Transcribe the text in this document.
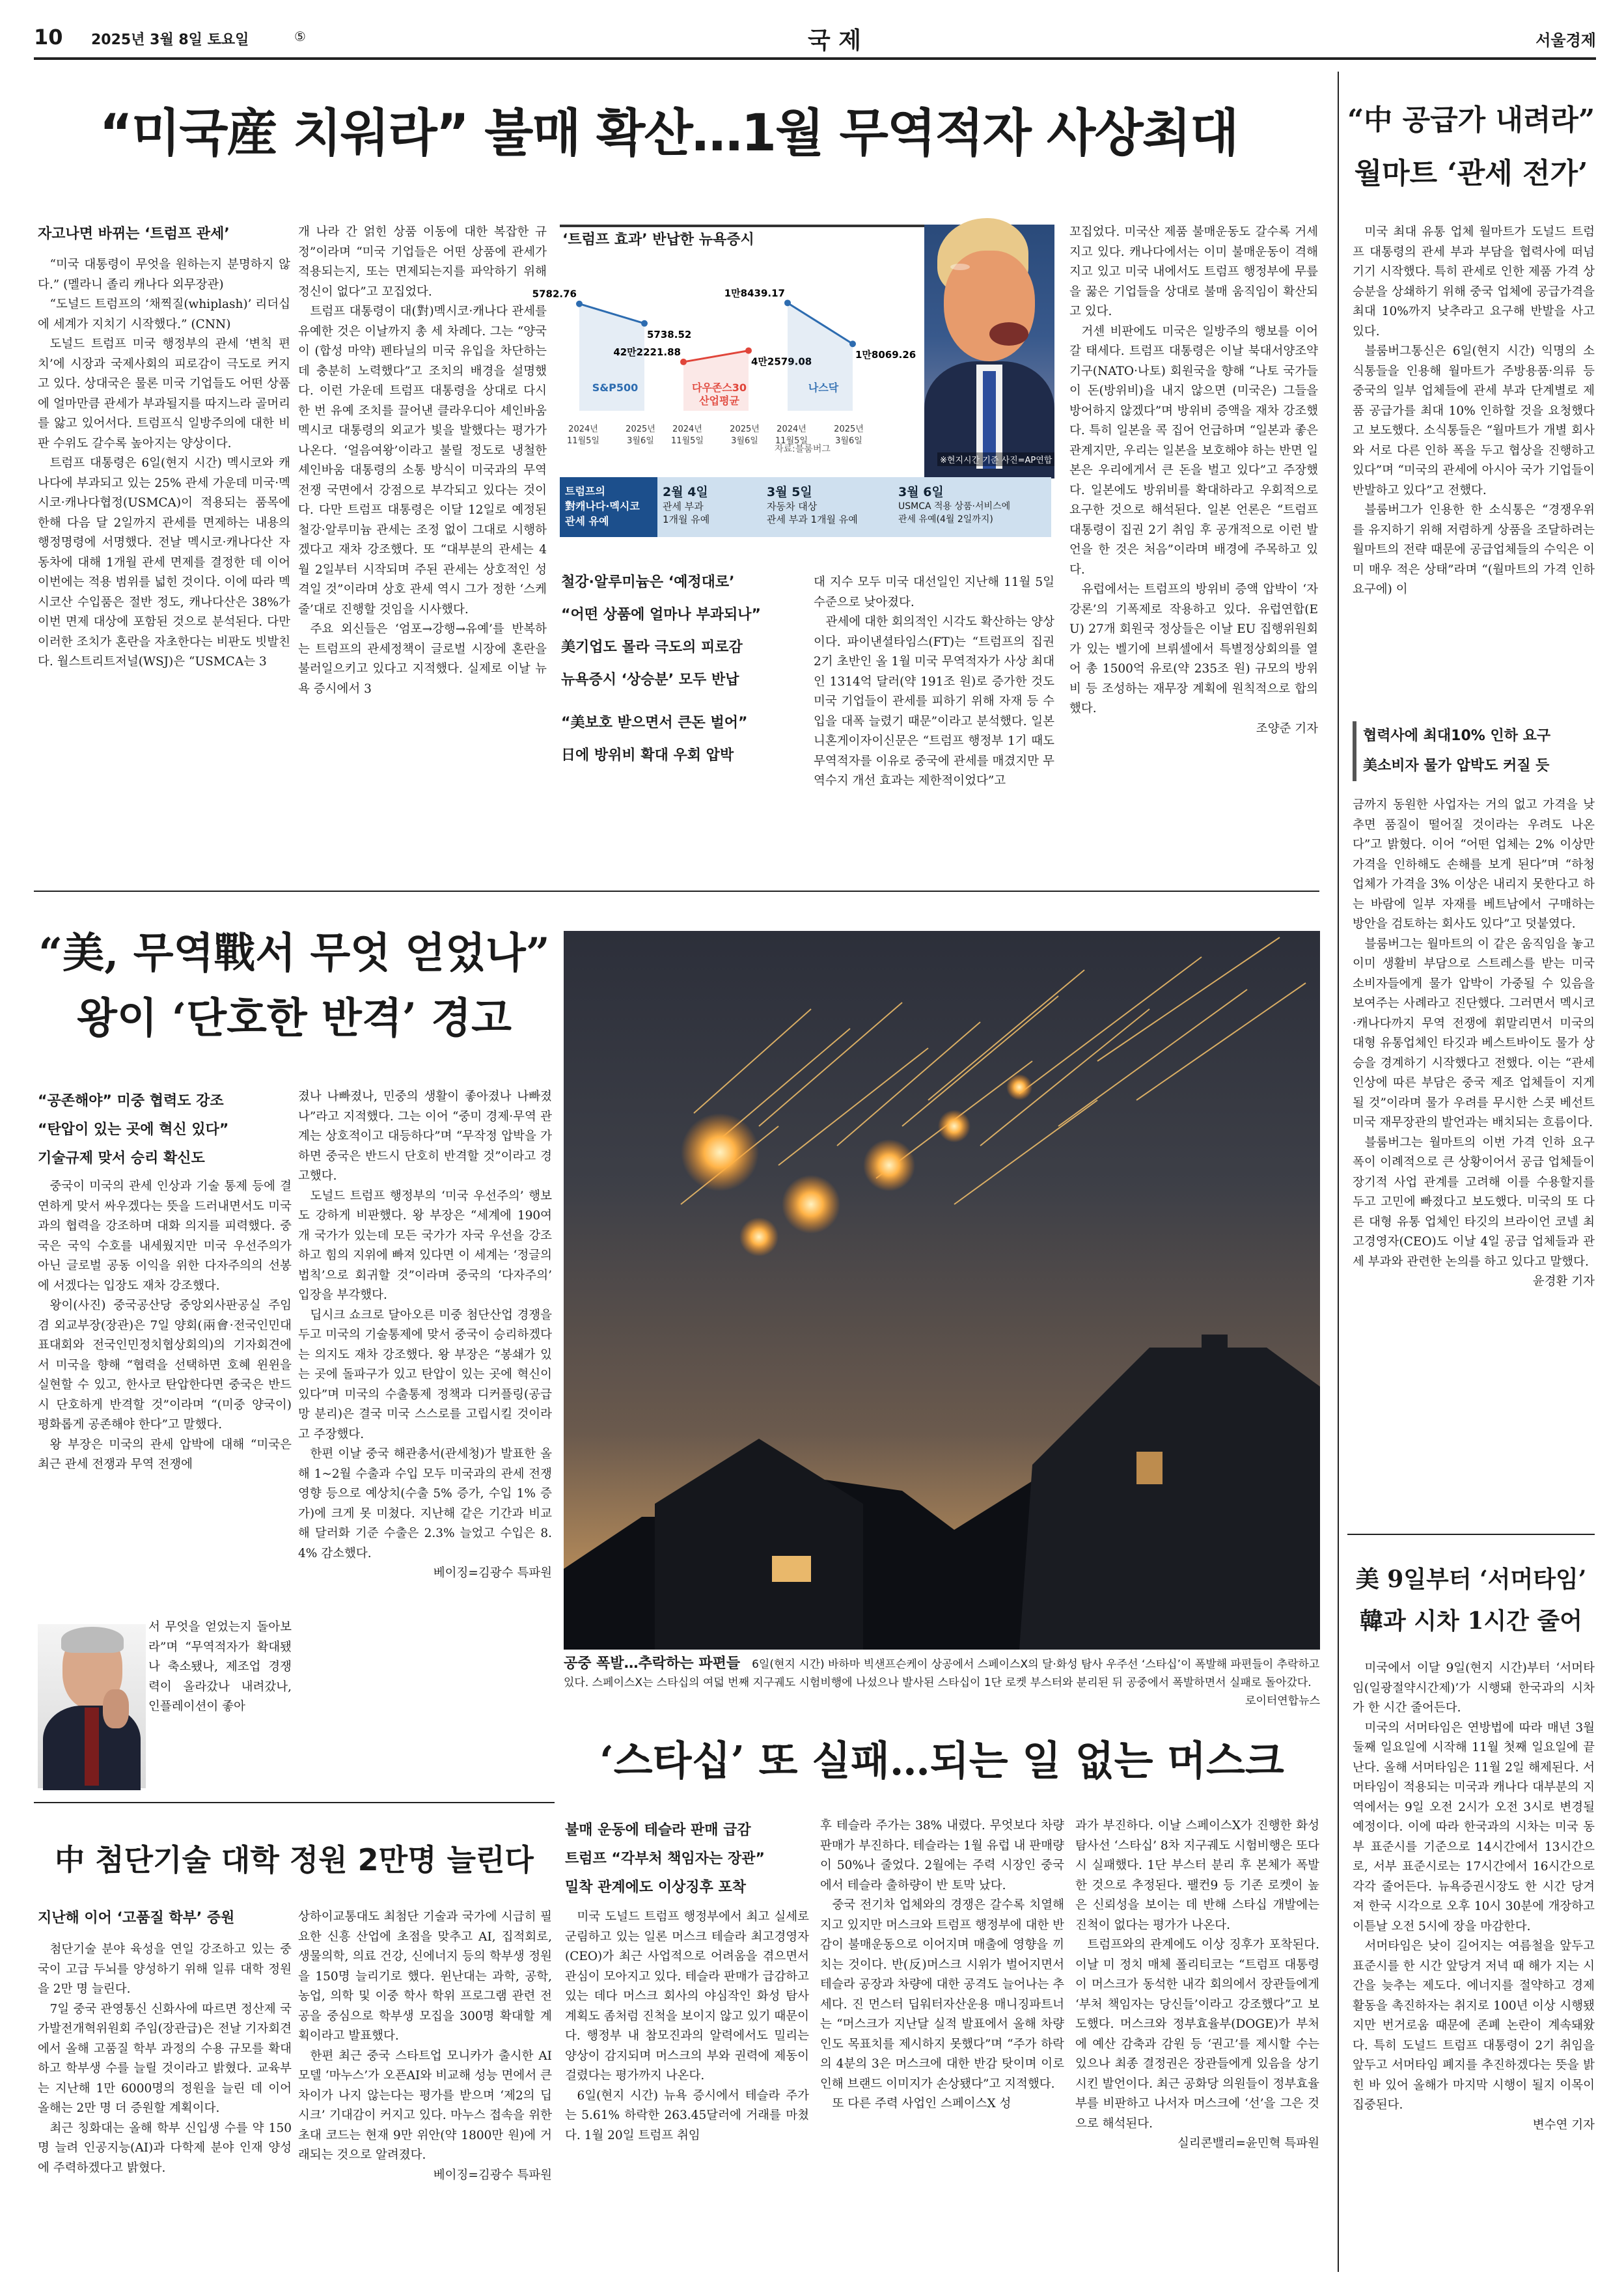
10 2025년 3월 8일 토요일	⑤	국 제	서울경제
“미국産 치워라” 불매 확산…1월 무역적자 사상최대
자고나면 바뀌는 ‘트럼프 관세’

“미국 대통령이 무엇을 원하는지 분명하지 않다.” (멜라니 졸리 캐나다 외무장관)

“도널드 트럼프의 ‘채찍질(whiplash)’ 리더십에 세계가 지치기 시작했다.” (CNN)

도널드 트럼프 미국 행정부의 관세 ‘변칙 편치’에 시장과 국제사회의 피로감이 극도로 커지고 있다. 상대국은 물론 미국 기업들도 어떤 상품에 얼마만큼 관세가 부과될지를 따지느라 골머리를 앓고 있어서다. 트럼프식 일방주의에 대한 비판 수위도 갈수록 높아지는 양상이다.

트럼프 대통령은 6일(현지 시간) 멕시코와 캐나다에 부과되고 있는 25% 관세 가운데 미국·멕시코·캐나다협정(USMCA)이 적용되는 품목에 한해 다음 달 2일까지 관세를 면제하는 내용의 행정명령에 서명했다. 전날 멕시코·캐나다산 자동차에 대해 1개월 관세 면제를 결정한 데 이어 이번에는 적용 범위를 넓힌 것이다. 이에 따라 멕시코산 수입품은 절반 정도, 캐나다산은 38%가 이번 면제 대상에 포함된 것으로 분석된다. 다만 이러한 조치가 혼란을 자초한다는 비판도 빗발친다. 월스트리트저널(WSJ)은 “USMCA는 3

개 나라 간 얽힌 상품 이동에 대한 복잡한 규정”이라며 “미국 기업들은 어떤 상품에 관세가 적용되는지, 또는 면제되는지를 파악하기 위해 정신이 없다”고 꼬집었다.

트럼프 대통령이 대(對)멕시코·캐나다 관세를 유예한 것은 이날까지 총 세 차례다. 그는 “양국이 (합성 마약) 펜타닐의 미국 유입을 차단하는 데 충분히 노력했다”고 조치의 배경을 설명했다. 이런 가운데 트럼프 대통령을 상대로 다시 한 번 유예 조치를 끌어낸 클라우디아 셰인바움 멕시코 대통령의 외교가 빛을 발했다는 평가가 나온다. ‘얼음여왕’이라고 불릴 정도로 냉철한 셰인바움 대통령의 소통 방식이 미국과의 무역 전쟁 국면에서 강점으로 부각되고 있다는 것이다. 다만 트럼프 대통령은 이달 12일로 예정된 철강·알루미늄 관세는 조정 없이 그대로 시행하겠다고 재차 강조했다. 또 “대부분의 관세는 4월 2일부터 시작되며 주된 관세는 상호적인 성격일 것”이라며 상호 관세 역시 그가 정한 ‘스케줄’대로 진행할 것임을 시사했다.

주요 외신들은 ‘엄포→강행→유예’를 반복하는 트럼프의 관세정책이 글로벌 시장에 혼란을 불러일으키고 있다고 지적했다. 실제로 이날 뉴욕 증시에서 3

‘트럼프 효과’ 반납한 뉴욕증시
5782.76
5738.52
S&P500
2024년
11월5일
2025년
3월6일
42만2221.88
4만2579.08
다우존스30
산업평균
2024년
11월5일
2025년
3월6일
1만8439.17
1만8069.26
나스닥
2024년
11월5일
2025년
3월6일
※현지시간 기준 사진=AP연합
자료:블룸버그
트럼프의
對캐나다·멕시코
관세 유예
2월 4일
관세 부과
1개월 유예
3월 5일
자동차 대상
관세 부과 1개월 유예
3월 6일
USMCA 적용 상품·서비스에
관세 유예(4월 2일까지)
철강·알루미늄은 ‘예정대로’
“어떤 상품에 얼마나 부과되나”
美기업도 몰라 극도의 피로감
뉴욕증시 ‘상승분’ 모두 반납
“美보호 받으면서 큰돈 벌어”
日에 방위비 확대 우회 압박

대 지수 모두 미국 대선일인 지난해 11월 5일 수준으로 낮아졌다.

관세에 대한 회의적인 시각도 확산하는 양상이다. 파이낸셜타임스(FT)는 “트럼프의 집권 2기 초반인 올 1월 미국 무역적자가 사상 최대인 1314억 달러(약 191조 원)로 증가한 것도 미국 기업들이 관세를 피하기 위해 자재 등 수입을 대폭 늘렸기 때문”이라고 분석했다. 일본 니혼게이자이신문은 “트럼프 행정부 1기 때도 무역적자를 이유로 중국에 관세를 매겼지만 무역수지 개선 효과는 제한적이었다”고

꼬집었다. 미국산 제품 불매운동도 갈수록 거세지고 있다. 캐나다에서는 이미 불매운동이 격해지고 있고 미국 내에서도 트럼프 행정부에 무릎을 꿇은 기업들을 상대로 불매 움직임이 확산되고 있다.

거센 비판에도 미국은 일방주의 행보를 이어갈 태세다. 트럼프 대통령은 이날 북대서양조약기구(NATO·나토) 회원국을 향해 “나토 국가들이 돈(방위비)을 내지 않으면 (미국은) 그들을 방어하지 않겠다”며 방위비 증액을 재차 강조했다. 특히 일본을 콕 집어 언급하며 “일본과 좋은 관계지만, 우리는 일본을 보호해야 하는 반면 일본은 우리에게서 큰 돈을 벌고 있다”고 주장했다. 일본에도 방위비를 확대하라고 우회적으로 요구한 것으로 해석된다. 일본 언론은 “트럼프 대통령이 집권 2기 취임 후 공개적으로 이런 발언을 한 것은 처음”이라며 배경에 주목하고 있다.

유럽에서는 트럼프의 방위비 증액 압박이 ‘자강론’의 기폭제로 작용하고 있다. 유럽연합(EU) 27개 회원국 정상들은 이날 EU 집행위원회가 있는 벨기에 브뤼셀에서 특별정상회의를 열어 총 1500억 유로(약 235조 원) 규모의 방위비 등 조성하는 재무장 계획에 원칙적으로 합의했다.

조양준 기자
“美, 무역戰서 무엇 얻었나”
왕이 ‘단호한 반격’ 경고
“공존해야” 미중 협력도 강조
“탄압이 있는 곳에 혁신 있다”
기술규제 맞서 승리 확신도

중국이 미국의 관세 인상과 기술 통제 등에 결연하게 맞서 싸우겠다는 뜻을 드러내면서도 미국과의 협력을 강조하며 대화 의지를 피력했다. 중국은 국익 수호를 내세웠지만 미국 우선주의가 아닌 글로벌 공동 이익을 위한 다자주의의 선봉에 서겠다는 입장도 재차 강조했다.

왕이(사진) 중국공산당 중앙외사판공실 주임 겸 외교부장(장관)은 7일 양회(兩會·전국인민대표대회와 전국인민정치협상회의)의 기자회견에서 미국을 향해 “협력을 선택하면 호혜 윈윈을 실현할 수 있고, 한사코 탄압한다면 중국은 반드시 단호하게 반격할 것”이라며 “(미중 양국이) 평화롭게 공존해야 한다”고 말했다.

왕 부장은 미국의 관세 압박에 대해 “미국은 최근 관세 전쟁과 무역 전쟁에

서 무엇을 얻었는지 돌아보라”며 “무역적자가 확대됐나 축소됐나, 제조업 경쟁력이 올라갔나 내려갔나, 인플레이션이 좋아

졌나 나빠졌나, 민중의 생활이 좋아졌나 나빠졌나”라고 지적했다. 그는 이어 “중미 경제·무역 관계는 상호적이고 대등하다”며 “무작정 압박을 가하면 중국은 반드시 단호히 반격할 것”이라고 경고했다.

도널드 트럼프 행정부의 ‘미국 우선주의’ 행보도 강하게 비판했다. 왕 부장은 “세계에 190여 개 국가가 있는데 모든 국가가 자국 우선을 강조하고 힘의 지위에 빠져 있다면 이 세계는 ‘정글의 법칙’으로 회귀할 것”이라며 중국의 ‘다자주의’ 입장을 부각했다.

딥시크 쇼크로 달아오른 미중 첨단산업 경쟁을 두고 미국의 기술통제에 맞서 중국이 승리하겠다는 의지도 재차 강조했다. 왕 부장은 “봉쇄가 있는 곳에 돌파구가 있고 탄압이 있는 곳에 혁신이 있다”며 미국의 수출통제 정책과 디커플링(공급망 분리)은 결국 미국 스스로를 고립시킬 것이라고 주장했다.

한편 이날 중국 해관총서(관세청)가 발표한 올해 1~2월 수출과 수입 모두 미국과의 관세 전쟁 영향 등으로 예상치(수출 5% 증가, 수입 1% 증가)에 크게 못 미쳤다. 지난해 같은 기간과 비교해 달러화 기준 수출은 2.3% 늘었고 수입은 8.4% 감소했다.

베이징=김광수 특파원
中 첨단기술 대학 정원 2만명 늘린다
지난해 이어 ‘고품질 학부’ 증원

첨단기술 분야 육성을 연일 강조하고 있는 중국이 고급 두뇌를 양성하기 위해 일류 대학 정원을 2만 명 늘린다.

7일 중국 관영통신 신화사에 따르면 정산제 국가발전개혁위원회 주임(장관급)은 전날 기자회견에서 올해 고품질 학부 과정의 수용 규모를 확대하고 학부생 수를 늘릴 것이라고 밝혔다. 교육부는 지난해 1만 6000명의 정원을 늘린 데 이어 올해는 2만 명 더 증원할 계획이다.

최근 칭화대는 올해 학부 신입생 수를 약 150명 늘려 인공지능(AI)과 다학제 분야 인재 양성에 주력하겠다고 밝혔다.

상하이교통대도 최첨단 기술과 국가에 시급히 필요한 신흥 산업에 초점을 맞추고 AI, 집적회로, 생물의학, 의료 건강, 신에너지 등의 학부생 정원을 150명 늘리기로 했다. 윈난대는 과학, 공학, 농업, 의학 및 이중 학사 학위 프로그램 관련 전공을 중심으로 학부생 모집을 300명 확대할 계획이라고 발표했다.

한편 최근 중국 스타트업 모니카가 출시한 AI 모델 ‘마누스’가 오픈AI와 비교해 성능 면에서 큰 차이가 나지 않는다는 평가를 받으며 ‘제2의 딥시크’ 기대감이 커지고 있다. 마누스 접속을 위한 초대 코드는 현재 9만 위안(약 1800만 원)에 거래되는 것으로 알려졌다.

베이징=김광수 특파원
공중 폭발…추락하는 파편들 6일(현지 시간) 바하마 빅샌프슨케이 상공에서 스페이스X의 달·화성 탐사 우주선 ‘스타십’이 폭발해 파편들이 추락하고 있다. 스페이스X는 스타십의 여덟 번째 지구궤도 시험비행에 나섰으나 발사된 스타십이 1단 로켓 부스터와 분리된 뒤 공중에서 폭발하면서 실패로 돌아갔다.
로이터연합뉴스
‘스타십’ 또 실패…되는 일 없는 머스크
불매 운동에 테슬라 판매 급감
트럼프 “각부처 책임자는 장관”
밀착 관계에도 이상징후 포착

미국 도널드 트럼프 행정부에서 최고 실세로 군림하고 있는 일론 머스크 테슬라 최고경영자(CEO)가 최근 사업적으로 어려움을 겪으면서 관심이 모아지고 있다. 테슬라 판매가 급감하고 있는 데다 머스크 회사의 야심작인 화성 탐사 계획도 좀처럼 진척을 보이지 않고 있기 때문이다. 행정부 내 참모진과의 알력에서도 밀리는 양상이 감지되며 머스크의 부와 권력에 제동이 걸렸다는 평가까지 나온다.

6일(현지 시간) 뉴욕 증시에서 테슬라 주가는 5.61% 하락한 263.45달러에 거래를 마쳤다. 1월 20일 트럼프 취임

후 테슬라 주가는 38% 내렸다. 무엇보다 차량 판매가 부진하다. 테슬라는 1월 유럽 내 판매량이 50%나 줄었다. 2월에는 주력 시장인 중국에서 테슬라 출하량이 반 토막 났다.

중국 전기차 업체와의 경쟁은 갈수록 치열해지고 있지만 머스크와 트럼프 행정부에 대한 반감이 불매운동으로 이어지며 매출에 영향을 끼치는 것이다. 반(反)머스크 시위가 벌어지면서 테슬라 공장과 차량에 대한 공격도 늘어나는 추세다. 진 먼스터 딥워터자산운용 매니징파트너는 “머스크가 지난달 실적 발표에서 올해 차량 인도 목표치를 제시하지 못했다”며 “주가 하락의 4분의 3은 머스크에 대한 반감 탓이며 이로 인해 브랜드 이미지가 손상됐다”고 지적했다.

또 다른 주력 사업인 스페이스X 성

과가 부진하다. 이날 스페이스X가 진행한 화성 탐사선 ‘스타십’ 8차 지구궤도 시험비행은 또다시 실패했다. 1단 부스터 분리 후 본체가 폭발한 것으로 추정된다. 팰컨9 등 기존 로켓이 높은 신뢰성을 보이는 데 반해 스타십 개발에는 진척이 없다는 평가가 나온다.

트럼프와의 관계에도 이상 징후가 포착된다. 이날 미 정치 매체 폴리티코는 “트럼프 대통령이 머스크가 동석한 내각 회의에서 장관들에게 ‘부처 책임자는 당신들’이라고 강조했다”고 보도했다. 머스크와 정부효율부(DOGE)가 부처에 예산 감축과 감원 등 ‘권고’를 제시할 수는 있으나 최종 결정권은 장관들에게 있음을 상기시킨 발언이다. 최근 공화당 의원들이 정부효율부를 비판하고 나서자 머스크에 ‘선’을 그은 것으로 해석된다.

실리콘밸리=윤민혁 특파원
“中 공급가 내려라”
월마트 ‘관세 전가’

미국 최대 유통 업체 월마트가 도널드 트럼프 대통령의 관세 부과 부담을 협력사에 떠넘기기 시작했다. 특히 관세로 인한 제품 가격 상승분을 상쇄하기 위해 중국 업체에 공급가격을 최대 10%까지 낮추라고 요구해 반발을 사고 있다.

블룸버그통신은 6일(현지 시간) 익명의 소식통들을 인용해 월마트가 주방용품·의류 등 중국의 일부 업체들에 관세 부과 단계별로 제품 공급가를 최대 10% 인하할 것을 요청했다고 보도했다. 소식통들은 “월마트가 개별 회사와 서로 다른 인하 폭을 두고 협상을 진행하고 있다”며 “미국의 관세에 아시아 국가 기업들이 반발하고 있다”고 전했다.

블룸버그가 인용한 한 소식통은 “경쟁우위를 유지하기 위해 저렴하게 상품을 조달하려는 월마트의 전략 때문에 공급업체들의 수익은 이미 매우 적은 상태”라며 “(월마트의 가격 인하 요구에) 이

협력사에 최대10% 인하 요구
美소비자 물가 압박도 커질 듯

금까지 동원한 사업자는 거의 없고 가격을 낮추면 품질이 떨어질 것이라는 우려도 나온다”고 밝혔다. 이어 “어떤 업체는 2% 이상만 가격을 인하해도 손해를 보게 된다”며 “하청 업체가 가격을 3% 이상은 내리지 못한다고 하는 바람에 일부 자재를 베트남에서 구매하는 방안을 검토하는 회사도 있다”고 덧붙였다.

블룸버그는 월마트의 이 같은 움직임을 놓고 이미 생활비 부담으로 스트레스를 받는 미국 소비자들에게 물가 압박이 가중될 수 있음을 보여주는 사례라고 진단했다. 그러면서 멕시코·캐나다까지 무역 전쟁에 휘말리면서 미국의 대형 유통업체인 타깃과 베스트바이도 물가 상승을 경계하기 시작했다고 전했다. 이는 “관세 인상에 따른 부담은 중국 제조 업체들이 지게 될 것”이라며 물가 우려를 무시한 스콧 베선트 미국 재무장관의 발언과는 배치되는 흐름이다.

블룸버그는 월마트의 이번 가격 인하 요구 폭이 이례적으로 큰 상황이어서 공급 업체들이 장기적 사업 관계를 고려해 이를 수용할지를 두고 고민에 빠졌다고 보도했다. 미국의 또 다른 대형 유통 업체인 타깃의 브라이언 코넬 최고경영자(CEO)도 이날 4일 공급 업체들과 관세 부과와 관련한 논의를 하고 있다고 말했다.

윤경환 기자
美 9일부터 ‘서머타임’
韓과 시차 1시간 줄어

미국에서 이달 9일(현지 시간)부터 ‘서머타임(일광절약시간제)’가 시행돼 한국과의 시차가 한 시간 줄어든다.

미국의 서머타임은 연방법에 따라 매년 3월 둘째 일요일에 시작해 11월 첫째 일요일에 끝난다. 올해 서머타임은 11월 2일 해제된다. 서머타임이 적용되는 미국과 캐나다 대부분의 지역에서는 9일 오전 2시가 오전 3시로 변경될 예정이다. 이에 따라 한국과의 시차는 미국 동부 표준시를 기준으로 14시간에서 13시간으로, 서부 표준시로는 17시간에서 16시간으로 각각 줄어든다. 뉴욕증권시장도 한 시간 당겨져 한국 시각으로 오후 10시 30분에 개장하고 이튿날 오전 5시에 장을 마감한다.

서머타임은 낮이 길어지는 여름철을 앞두고 표준시를 한 시간 앞당겨 저녁 때 해가 지는 시간을 늦추는 제도다. 에너지를 절약하고 경제활동을 촉진하자는 취지로 100년 이상 시행됐지만 번거로움 때문에 존폐 논란이 계속돼왔다. 특히 도널드 트럼프 대통령이 2기 취임을 앞두고 서머타임 폐지를 추진하겠다는 뜻을 밝힌 바 있어 올해가 마지막 시행이 될지 이목이 집중된다.

변수연 기자
